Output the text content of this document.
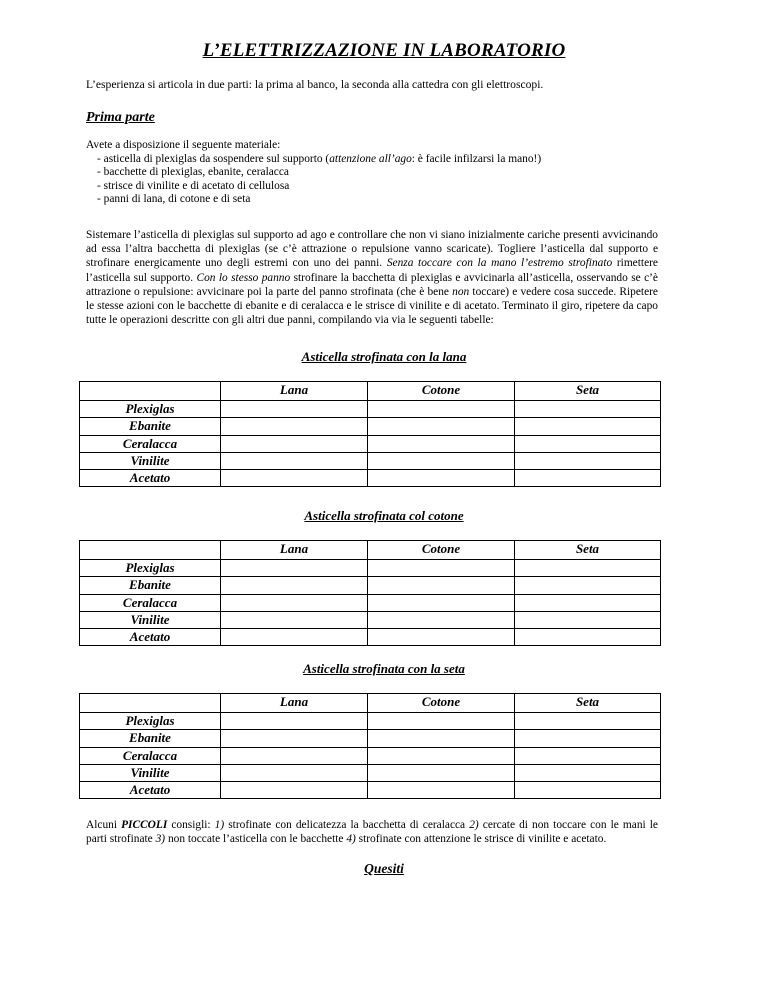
L’ELETTRIZZAZIONE IN LABORATORIO
L’esperienza si articola in due parti: la prima al banco, la seconda alla cattedra con gli elettroscopi.
Prima parte
Avete a disposizione il seguente materiale:
- asticella di plexiglas da sospendere sul supporto (attenzione all’ago: è facile infilzarsi la mano!)
- bacchette di plexiglas, ebanite, ceralacca
- strisce di vinilite e di acetato di cellulosa
- panni di lana, di cotone e di seta
Sistemare l’asticella di plexiglas sul supporto ad ago e controllare che non vi siano inizialmente cariche presenti avvicinando ad essa l’altra bacchetta di plexiglas (se c’è attrazione o repulsione vanno scaricate). Togliere l’asticella dal supporto e strofinare energicamente uno degli estremi con uno dei panni. Senza toccare con la mano l’estremo strofinato rimettere l’asticella sul supporto. Con lo stesso panno strofinare la bacchetta di plexiglas e avvicinarla all’asticella, osservando se c’è attrazione o repulsione: avvicinare poi la parte del panno strofinata (che è bene non toccare) e vedere cosa succede. Ripetere le stesse azioni con le bacchette di ebanite e di ceralacca e le strisce di vinilite e di acetato. Terminato il giro, ripetere da capo tutte le operazioni descritte con gli altri due panni, compilando via via le seguenti tabelle:
Asticella strofinata con la lana
	Lana	Cotone	Seta
Plexiglas			
Ebanite			
Ceralacca			
Vinilite			
Acetato			
Asticella strofinata col cotone
	Lana	Cotone	Seta
Plexiglas			
Ebanite			
Ceralacca			
Vinilite			
Acetato			
Asticella strofinata con la seta
	Lana	Cotone	Seta
Plexiglas			
Ebanite			
Ceralacca			
Vinilite			
Acetato			
Alcuni PICCOLI consigli: 1) strofinate con delicatezza la bacchetta di ceralacca 2) cercate di non toccare con le mani le parti strofinate 3) non toccate l’asticella con le bacchette 4) strofinate con attenzione le strisce di vinilite e acetato.
Quesiti
